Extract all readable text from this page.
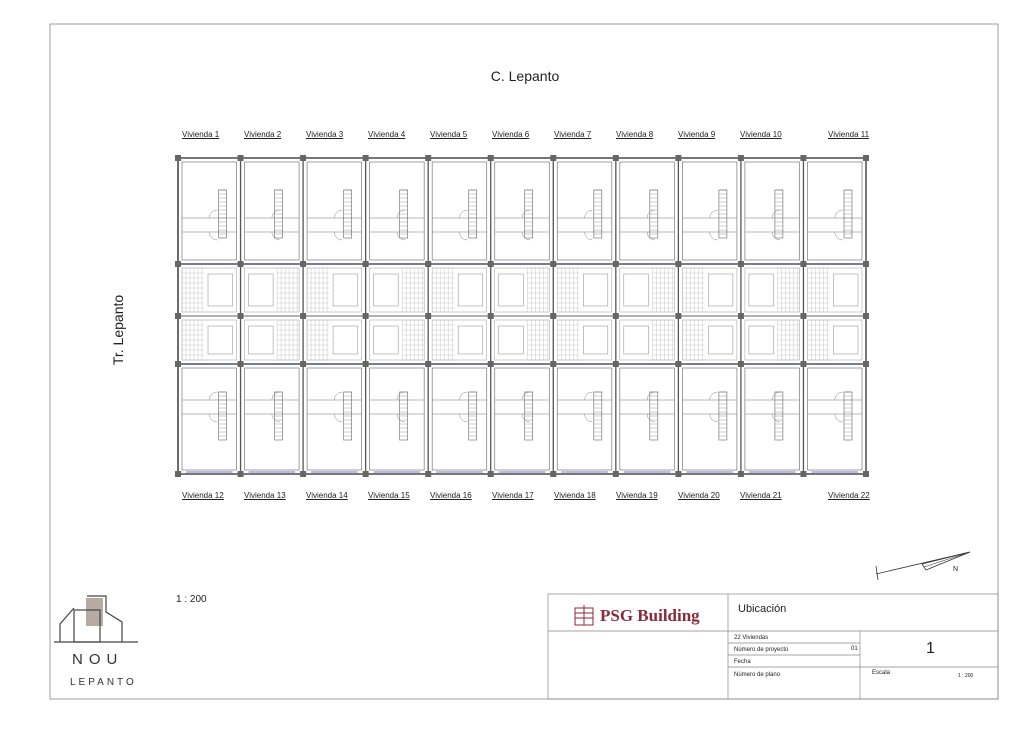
C. Lepanto
Tr. Lepanto
Vivienda 1	Vivienda 2	Vivienda 3	Vivienda 4	Vivienda 5	Vivienda 6	Vivienda 7	Vivienda 8	Vivienda 9	Vivienda 10	Vivienda 11
Vivienda 12	Vivienda 13	Vivienda 14	Vivienda 15	Vivienda 16	Vivienda 17	Vivienda 18	Vivienda 19	Vivienda 20	Vivienda 21	Vivienda 22
1 : 200
N
NOU
LEPANTO
PSG Building	Ubicación
22 Viviendas
Número de proyecto	01
Fecha
Número de plano
1
Escala	1 : 200
